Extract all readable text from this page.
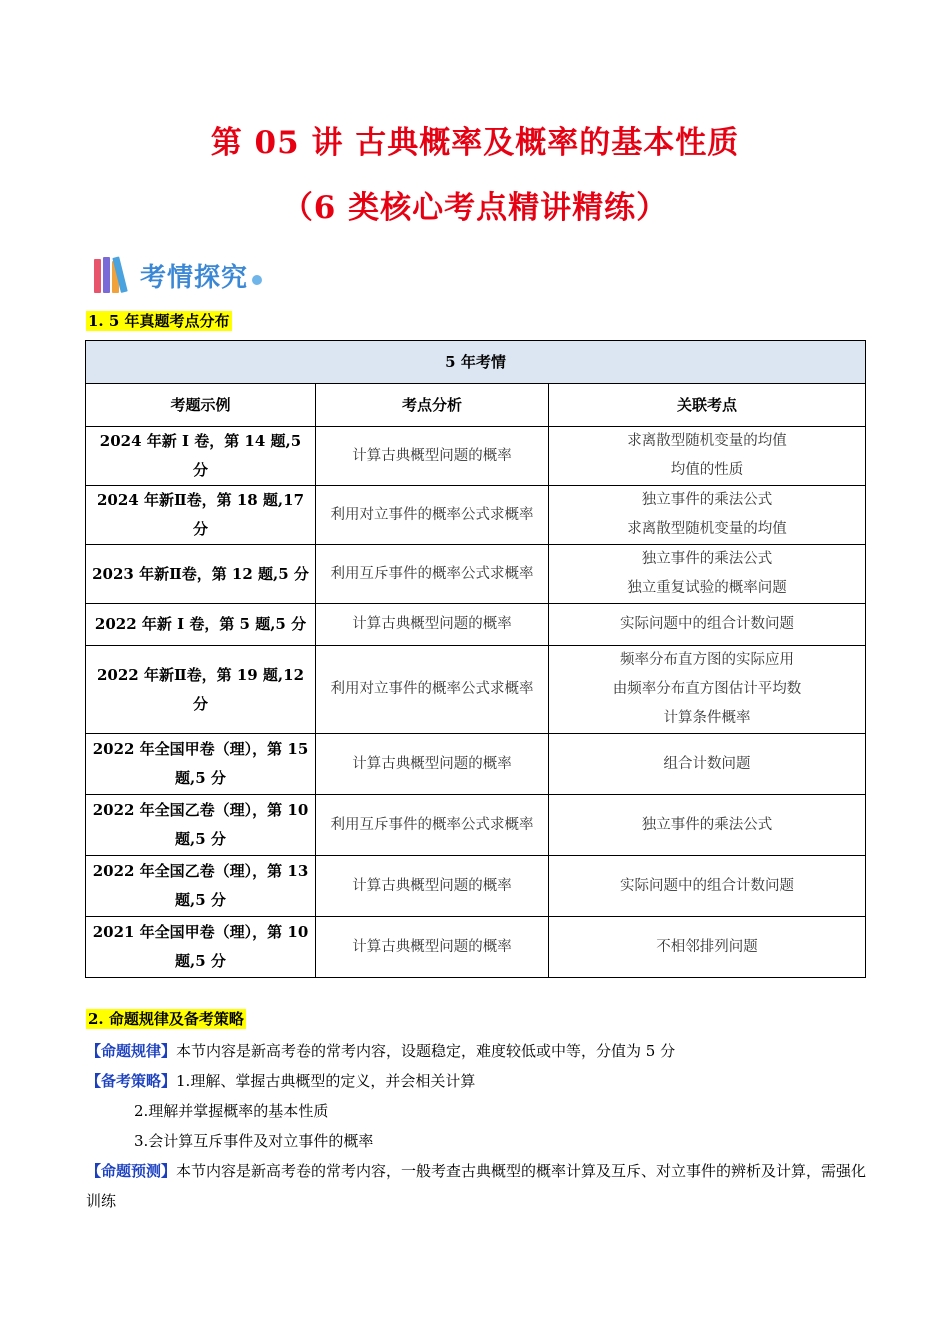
第 05 讲 古典概率及概率的基本性质
（6 类核心考点精讲精练）
考情探究
1. 5 年真题考点分布
5 年考情		
考题示例	考点分析	关联考点
2024 年新 I 卷，第 14 题,5 分	计算古典概型问题的概率	求离散型随机变量的均值
均值的性质

2024 年新Ⅱ卷，第 18 题,17 分	利用对立事件的概率公式求概率	独立事件的乘法公式
求离散型随机变量的均值

2023 年新Ⅱ卷，第 12 题,5 分	利用互斥事件的概率公式求概率	独立事件的乘法公式
独立重复试验的概率问题

2022 年新 I 卷，第 5 题,5 分	计算古典概型问题的概率	实际问题中的组合计数问题

2022 年新Ⅱ卷，第 19 题,12 分	利用对立事件的概率公式求概率	频率分布直方图的实际应用
由频率分布直方图估计平均数
计算条件概率

2022 年全国甲卷（理），第 15 题,5 分	计算古典概型问题的概率	组合计数问题

2022 年全国乙卷（理），第 10 题,5 分	利用互斥事件的概率公式求概率	独立事件的乘法公式

2022 年全国乙卷（理），第 13 题,5 分	计算古典概型问题的概率	实际问题中的组合计数问题

2021 年全国甲卷（理），第 10 题,5 分	计算古典概型问题的概率	不相邻排列问题
2. 命题规律及备考策略
【命题规律】本节内容是新高考卷的常考内容，设题稳定，难度较低或中等，分值为 5 分
【备考策略】1.理解、掌握古典概型的定义，并会相关计算
2.理解并掌握概率的基本性质
3.会计算互斥事件及对立事件的概率
【命题预测】本节内容是新高考卷的常考内容，一般考查古典概型的概率计算及互斥、对立事件的辨析及计算，需强化训练
